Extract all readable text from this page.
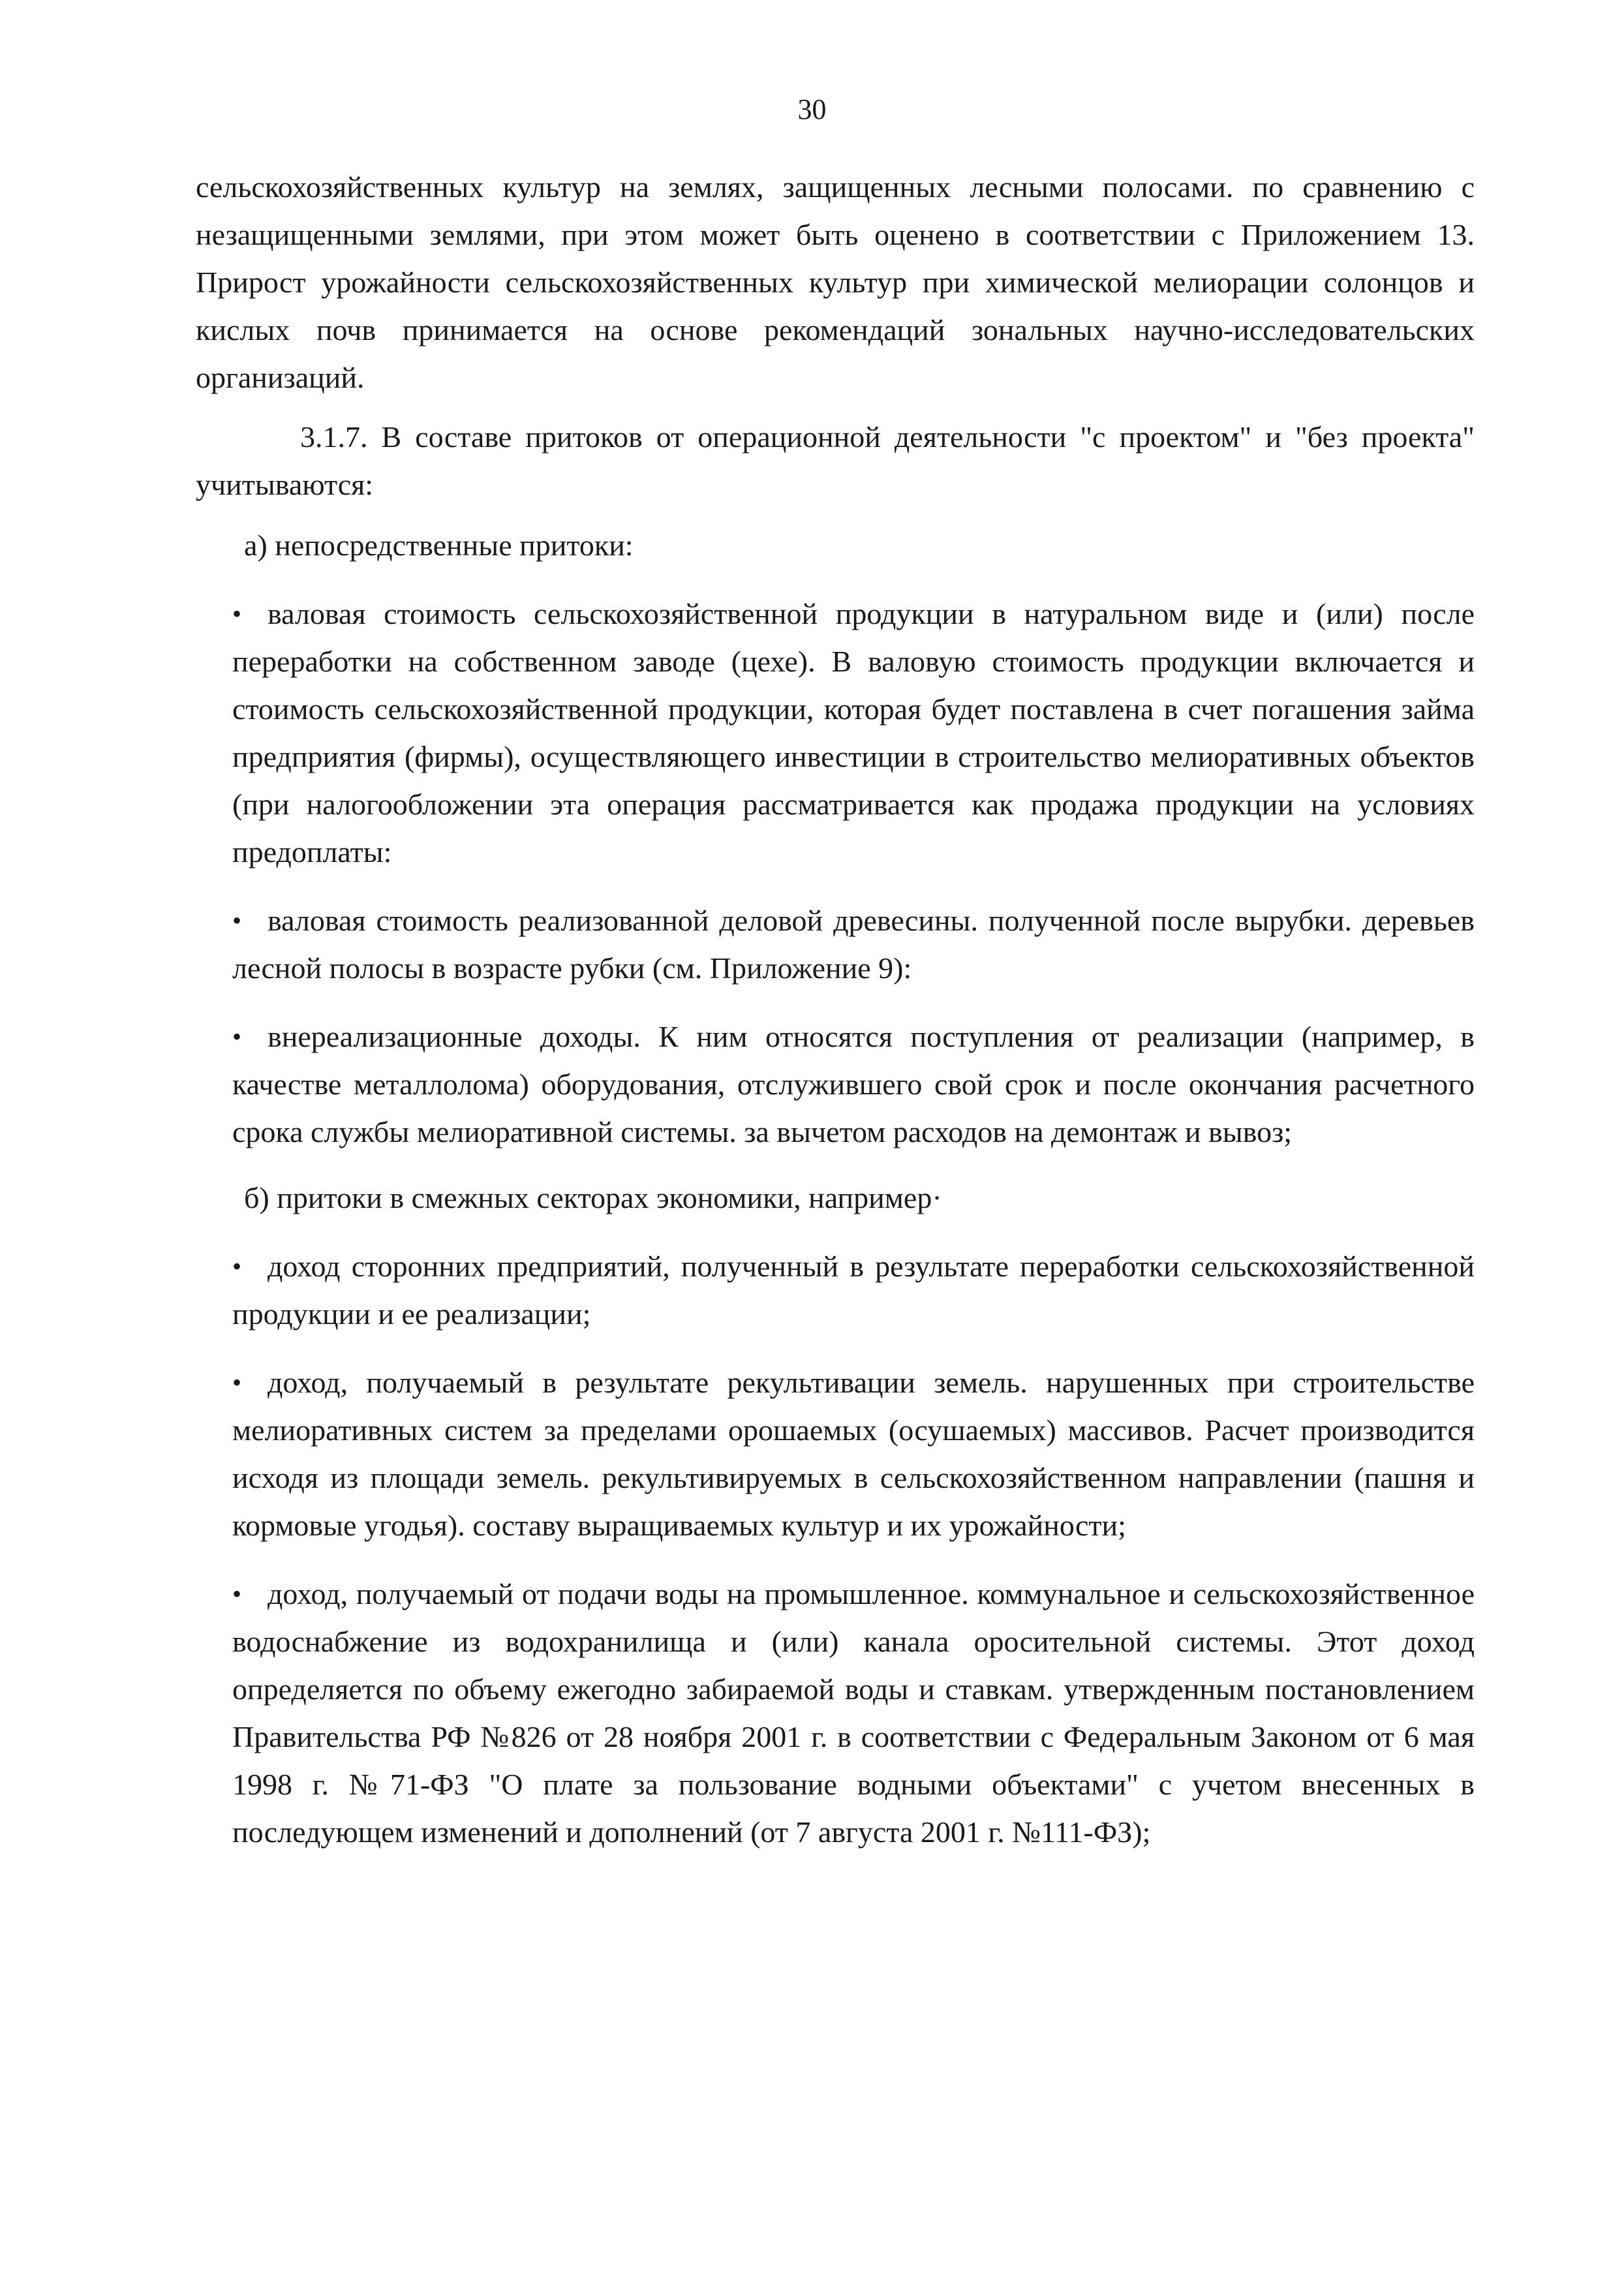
30

сельскохозяйственных культур на землях, защищенных лесными полосами. по сравнению с незащищенными землями, при этом может быть оценено в соответствии с Приложением 13. Прирост урожайности сельскохозяйственных культур при химической мелиорации солонцов и кислых почв принимается на основе рекомендаций зональных научно-исследовательских организаций.

3.1.7. В составе притоков от операционной деятельности "с проектом" и "без проекта" учитываются:

а) непосредственные притоки:

• валовая стоимость сельскохозяйственной продукции в натуральном виде и (или) после переработки на собственном заводе (цехе). В валовую стоимость продукции включается и стоимость сельскохозяйственной продукции, которая будет поставлена в счет погашения займа предприятия (фирмы), осуществляющего инвестиции в строительство мелиоративных объектов (при налогообложении эта операция рассматривается как продажа продукции на условиях предоплаты:

• валовая стоимость реализованной деловой древесины. полученной после вырубки. деревьев лесной полосы в возрасте рубки (см. Приложение 9):

• внереализационные доходы. К ним относятся поступления от реализации (например, в качестве металлолома) оборудования, отслужившего свой срок и после окончания расчетного срока службы мелиоративной системы. за вычетом расходов на демонтаж и вывоз;

б) притоки в смежных секторах экономики, например·

• доход сторонних предприятий, полученный в результате переработки сельскохозяйственной продукции и ее реализации;

• доход, получаемый в результате рекультивации земель. нарушенных при строительстве мелиоративных систем за пределами орошаемых (осушаемых) массивов. Расчет производится исходя из площади земель. рекультивируемых в сельскохозяйственном направлении (пашня и кормовые угодья). составу выращиваемых культур и их урожайности;

• доход, получаемый от подачи воды на промышленное. коммунальное и сельскохозяйственное водоснабжение из водохранилища и (или) канала оросительной системы. Этот доход определяется по объему ежегодно забираемой воды и ставкам. утвержденным постановлением Правительства РФ №826 от 28 ноября 2001 г. в соответствии с Федеральным Законом от 6 мая 1998 г. №71-ФЗ "О плате за пользование водными объектами" с учетом внесенных в последующем изменений и дополнений (от 7 августа 2001 г. №111-ФЗ);
